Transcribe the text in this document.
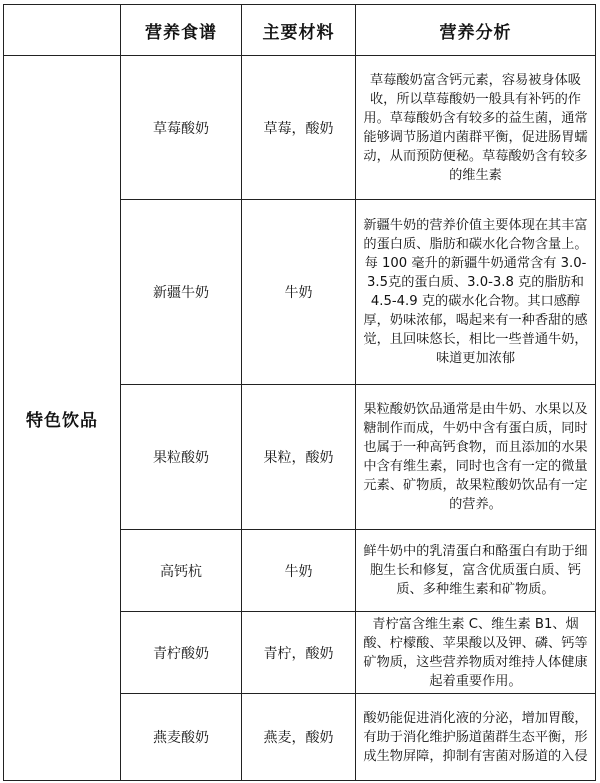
	营养食谱	主要材料	营养分析
特色饮品	草莓酸奶	草莓，酸奶	草莓酸奶富含钙元素，容易被身体吸收，所以草莓酸奶一般具有补钙的作用。草莓酸奶含有较多的益生菌，通常能够调节肠道内菌群平衡，促进肠胃蠕动，从而预防便秘。草莓酸奶含有较多的维生素
	新疆牛奶	牛奶	新疆牛奶的营养价值主要体现在其丰富的蛋白质、脂肪和碳水化合物含量上。 每 100 毫升的新疆牛奶通常含有 3.0-3.5克的蛋白质、3.0-3.8 克的脂肪和 4.5-4.9 克的碳水化合物。其口感醇厚，奶味浓郁，喝起来有一种香甜的感觉，且回味悠长，相比一些普通牛奶，味道更加浓郁
	果粒酸奶	果粒，酸奶	果粒酸奶饮品通常是由牛奶、水果以及糖制作而成，牛奶中含有蛋白质，同时也属于一种高钙食物，而且添加的水果中含有维生素，同时也含有一定的微量元素、矿物质，故果粒酸奶饮品有一定的营养。
	高钙杭	牛奶	鲜牛奶中的乳清蛋白和酪蛋白有助于细胞生长和修复，富含优质蛋白质、钙质、多种维生素和矿物质。
	青柠酸奶	青柠，酸奶	青柠富含维生素 C、维生素 B1、烟酸、柠檬酸、苹果酸以及钾、磷、钙等矿物质，这些营养物质对维持人体健康起着重要作用。
	燕麦酸奶	燕麦，酸奶	酸奶能促进消化液的分泌，增加胃酸，有助于消化维护肠道菌群生态平衡，形成生物屏障，抑制有害菌对肠道的入侵
